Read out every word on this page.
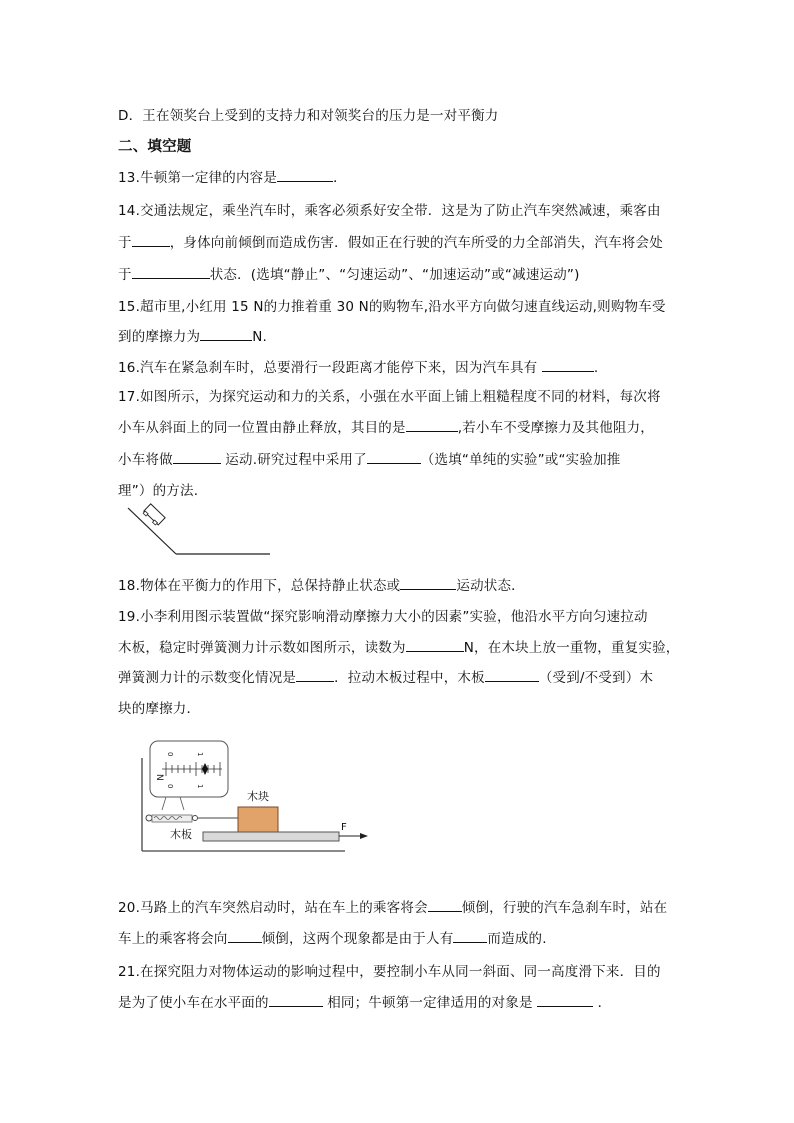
D．王在领奖台上受到的支持力和对领奖台的压力是一对平衡力
二、填空题
13.牛顿第一定律的内容是	．
14.交通法规定，乘坐汽车时，乘客必须系好安全带．这是为了防止汽车突然减速，乘客由
于	，身体向前倾倒而造成伤害．假如正在行驶的汽车所受的力全部消失，汽车将会处
于	状态．(选填“静止”、“匀速运动”、“加速运动”或“减速运动”)
15.超市里,小红用 15 N的力推着重 30 N的购物车,沿水平方向做匀速直线运动,则购物车受
到的摩擦力为	N.
16.汽车在紧急刹车时，总要滑行一段距离才能停下来，因为汽车具有	.
17.如图所示，为探究运动和力的关系，小强在水平面上铺上粗糙程度不同的材料，每次将
小车从斜面上的同一位置由静止释放，其目的是	,若小车不受摩擦力及其他阻力，
小车将做	运动.研究过程中采用了	（选填“单纯的实验”或“实验加推
理”）的方法.
18.物体在平衡力的作用下，总保持静止状态或	运动状态．
19.小李利用图示装置做“探究影响滑动摩擦力大小的因素”实验，他沿水平方向匀速拉动
木板，稳定时弹簧测力计示数如图所示，读数为	N，在木块上放一重物，重复实验，
弹簧测力计的示数变化情况是	．拉动木板过程中，木板	（受到/不受到）木
块的摩擦力．
N
0	1
0	1
木块
木板
F
20.马路上的汽车突然启动时，站在车上的乘客将会	倾倒，行驶的汽车急刹车时，站在
车上的乘客将会向	倾倒，这两个现象都是由于人有	而造成的.
21.在探究阻力对物体运动的影响过程中，要控制小车从同一斜面、同一高度滑下来．目的
是为了使小车在水平面的	相同；牛顿第一定律适用的对象是	．
